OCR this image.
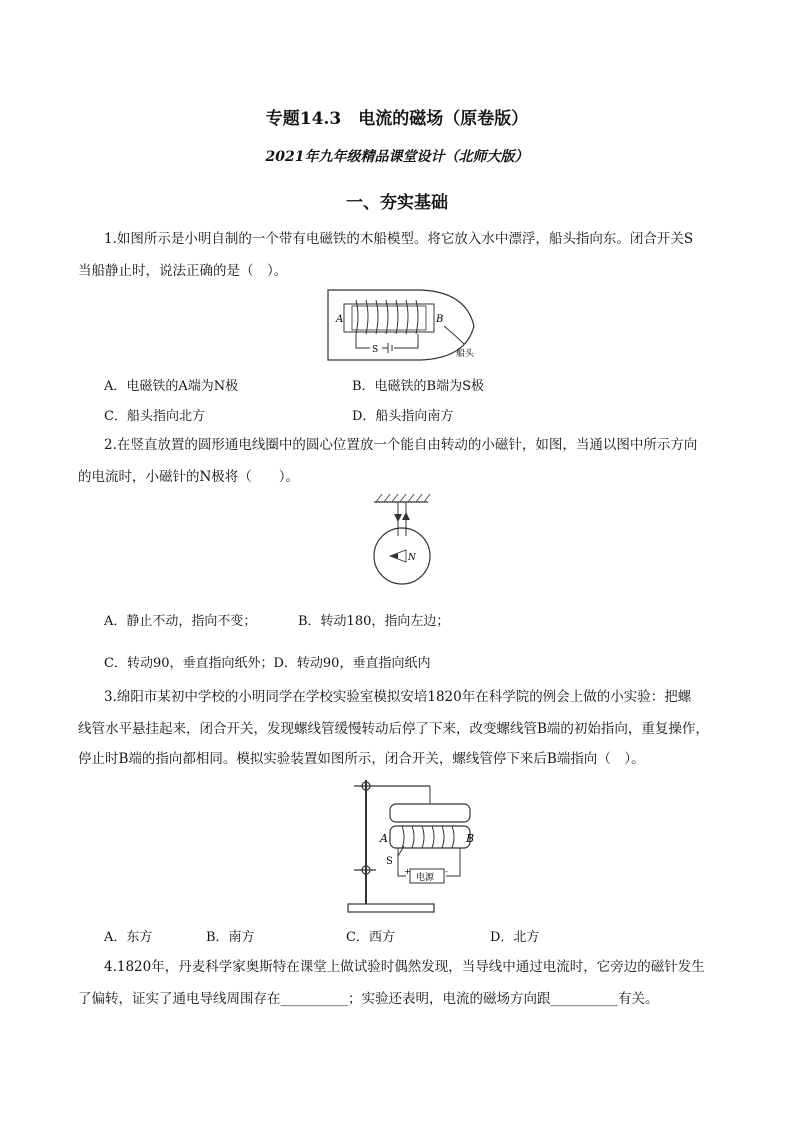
专题14.3　电流的磁场（原卷版）
2021年九年级精品课堂设计（北师大版）
一、夯实基础
1.如图所示是小明自制的一个带有电磁铁的木船模型。将它放入水中漂浮，船头指向东。闭合开关S
当船静止时，说法正确的是（　）。
A	B
S	船头
A．电磁铁的A端为N极	B．电磁铁的B端为S极
C．船头指向北方	D．船头指向南方
2.在竖直放置的圆形通电线圈中的圆心位置放一个能自由转动的小磁针，如图，当通以图中所示方向
的电流时，小磁针的N极将（　　）。
N
A．静止不动，指向不变；	B．转动180，指向左边；
C．转动90，垂直指向纸外；D．转动90，垂直指向纸内
3.绵阳市某初中学校的小明同学在学校实验室模拟安培1820年在科学院的例会上做的小实验：把螺
线管水平悬挂起来，闭合开关，发现螺线管缓慢转动后停了下来，改变螺线管B端的初始指向，重复操作，
停止时B端的指向都相同。模拟实验装置如图所示，闭合开关，螺线管停下来后B端指向（　）。
电源
+	-
A	B
S
A．东方	B．南方	C．西方	D．北方
4.1820年，丹麦科学家奥斯特在课堂上做试验时偶然发现，当导线中通过电流时，它旁边的磁针发生
了偏转，证实了通电导线周围存在__________；实验还表明，电流的磁场方向跟__________有关。
